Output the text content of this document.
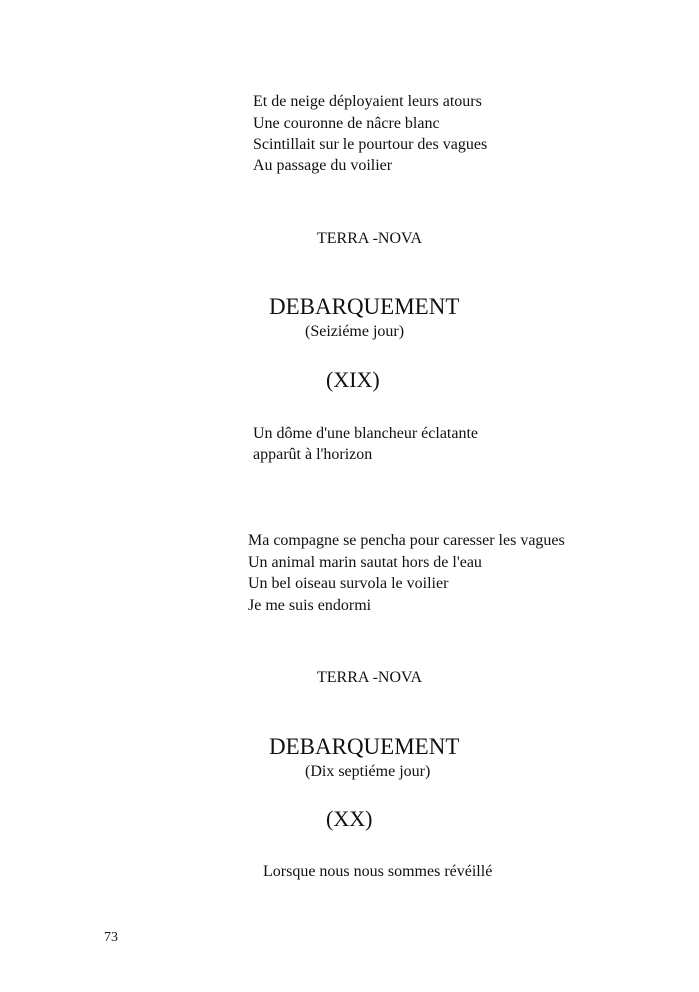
Et de neige déployaient leurs atours
Une couronne de nâcre blanc
Scintillait sur le pourtour des vagues
Au passage du voilier
TERRA -NOVA
DEBARQUEMENT
(Seiziéme jour)
(XIX)
Un dôme d'une blancheur éclatante
apparût à l'horizon
Ma compagne se pencha pour caresser les vagues
Un animal marin sautat hors de l'eau
Un bel oiseau survola le voilier
Je me suis endormi
TERRA -NOVA
DEBARQUEMENT
(Dix septiéme jour)
(XX)
Lorsque nous nous sommes révéillé
73
